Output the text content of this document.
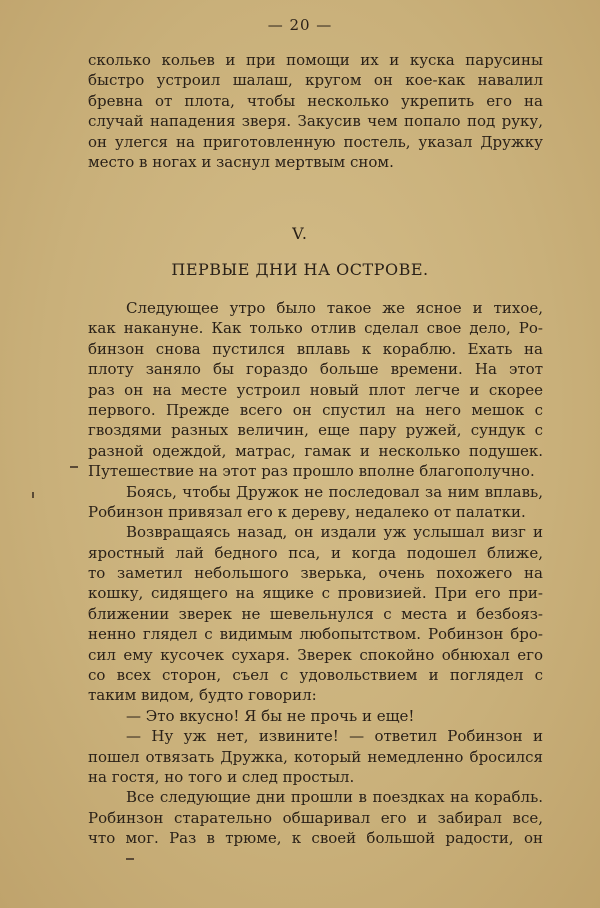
— 20 —
сколько кольев и при помощи их и куска парусины
быстро устроил шалаш, кругом он кое-как навалил
бревна от плота, чтобы несколько укрепить его на
случай нападения зверя. Закусив чем попало под руку,
он улегся на приготовленную постель, указал Дружку
место в ногах и заснул мертвым сном.
V.
ПЕРВЫЕ ДНИ НА ОСТРОВЕ.
Следующее утро было такое же ясное и тихое,
как накануне. Как только отлив сделал свое дело, Ро-
бинзон снова пустился вплавь к кораблю. Ехать на
плоту заняло бы гораздо больше времени. На этот
раз он на месте устроил новый плот легче и скорее
первого. Прежде всего он спустил на него мешок с
гвоздями разных величин, еще пару ружей, сундук с
разной одеждой, матрас, гамак и несколько подушек.
Путешествие на этот раз прошло вполне благополучно.
Боясь, чтобы Дружок не последовал за ним вплавь,
Робинзон привязал его к дереву, недалеко от палатки.
Возвращаясь назад, он издали уж услышал визг и
яростный лай бедного пса, и когда подошел ближе,
то заметил небольшого зверька, очень похожего на
кошку, сидящего на ящике с провизией. При его при-
ближении зверек не шевельнулся с места и безбояз-
ненно глядел с видимым любопытством. Робинзон бро-
сил ему кусочек сухаря. Зверек спокойно обнюхал его
со всех сторон, съел с удовольствием и поглядел с
таким видом, будто говорил:
— Это вкусно! Я бы не прочь и еще!
— Ну уж нет, извините! — ответил Робинзон и
пошел отвязать Дружка, который немедленно бросился
на гостя, но того и след простыл.
Все следующие дни прошли в поездках на корабль.
Робинзон старательно обшаривал его и забирал все,
что мог. Раз в трюме, к своей большой радости, он
